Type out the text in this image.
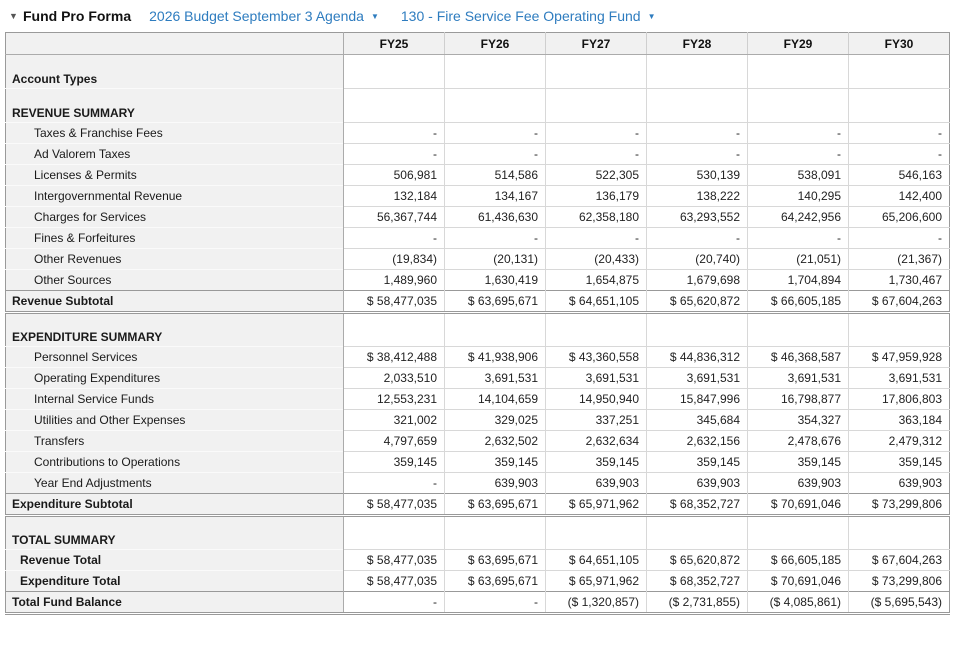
▼ Fund Pro Forma 2026 Budget September 3 Agenda ▼ 130 - Fire Service Fee Operating Fund ▼
	FY25	FY26	FY27	FY28	FY29	FY30
Account Types						
REVENUE SUMMARY						
Taxes & Franchise Fees	-	-	-	-	-	-
Ad Valorem Taxes	-	-	-	-	-	-
Licenses & Permits	506,981	514,586	522,305	530,139	538,091	546,163
Intergovernmental Revenue	132,184	134,167	136,179	138,222	140,295	142,400
Charges for Services	56,367,744	61,436,630	62,358,180	63,293,552	64,242,956	65,206,600
Fines & Forfeitures	-	-	-	-	-	-
Other Revenues	(19,834)	(20,131)	(20,433)	(20,740)	(21,051)	(21,367)
Other Sources	1,489,960	1,630,419	1,654,875	1,679,698	1,704,894	1,730,467
Revenue Subtotal	$ 58,477,035	$ 63,695,671	$ 64,651,105	$ 65,620,872	$ 66,605,185	$ 67,604,263
EXPENDITURE SUMMARY						
Personnel Services	$ 38,412,488	$ 41,938,906	$ 43,360,558	$ 44,836,312	$ 46,368,587	$ 47,959,928
Operating Expenditures	2,033,510	3,691,531	3,691,531	3,691,531	3,691,531	3,691,531
Internal Service Funds	12,553,231	14,104,659	14,950,940	15,847,996	16,798,877	17,806,803
Utilities and Other Expenses	321,002	329,025	337,251	345,684	354,327	363,184
Transfers	4,797,659	2,632,502	2,632,634	2,632,156	2,478,676	2,479,312
Contributions to Operations	359,145	359,145	359,145	359,145	359,145	359,145
Year End Adjustments	-	639,903	639,903	639,903	639,903	639,903
Expenditure Subtotal	$ 58,477,035	$ 63,695,671	$ 65,971,962	$ 68,352,727	$ 70,691,046	$ 73,299,806
TOTAL SUMMARY						
Revenue Total	$ 58,477,035	$ 63,695,671	$ 64,651,105	$ 65,620,872	$ 66,605,185	$ 67,604,263
Expenditure Total	$ 58,477,035	$ 63,695,671	$ 65,971,962	$ 68,352,727	$ 70,691,046	$ 73,299,806
Total Fund Balance	-	-	($ 1,320,857)	($ 2,731,855)	($ 4,085,861)	($ 5,695,543)
